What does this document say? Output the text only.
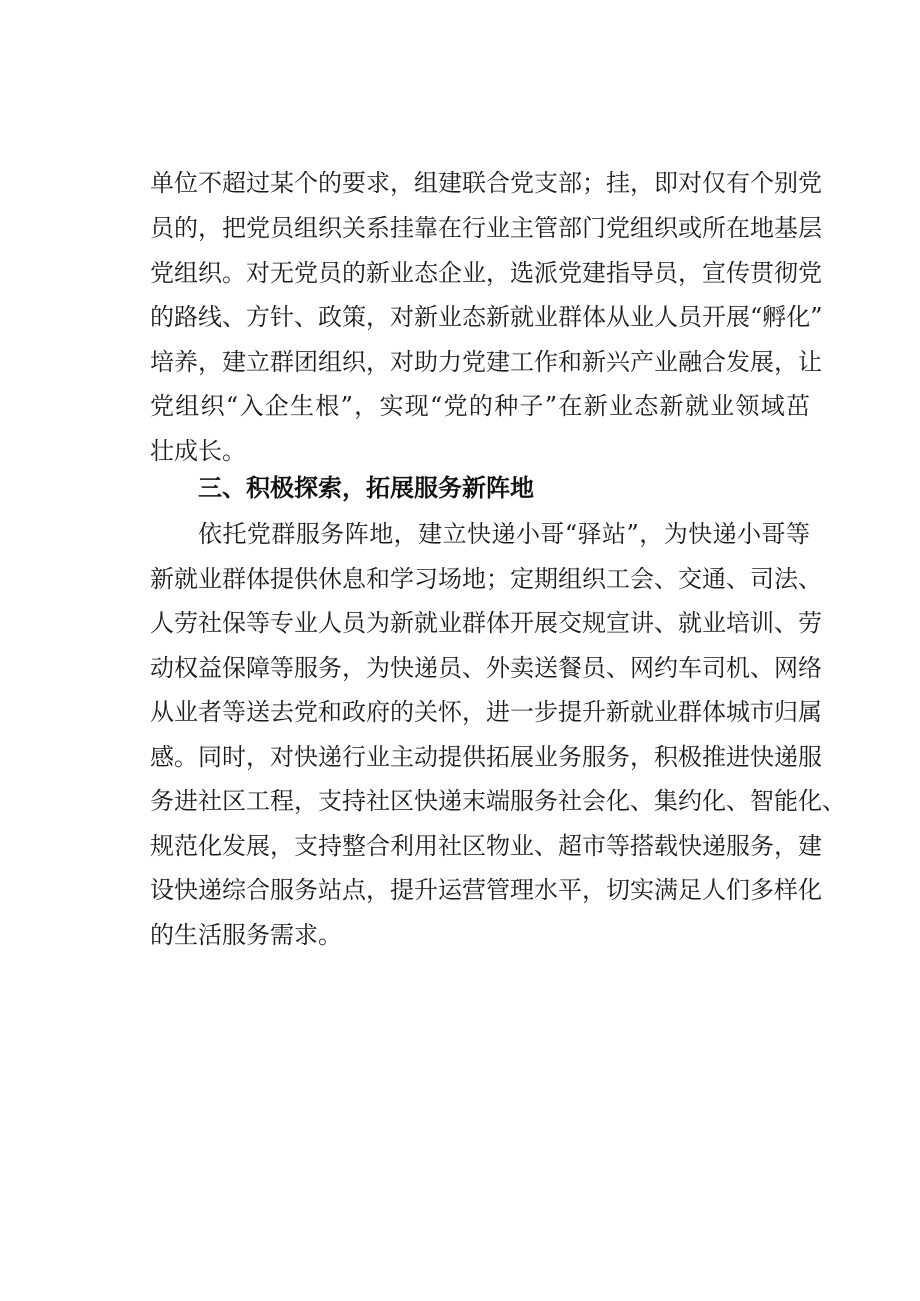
单位不超过某个的要求，组建联合党支部；挂，即对仅有个别党
员的，把党员组织关系挂靠在行业主管部门党组织或所在地基层
党组织。对无党员的新业态企业，选派党建指导员，宣传贯彻党
的路线、方针、政策，对新业态新就业群体从业人员开展“孵化”
培养，建立群团组织，对助力党建工作和新兴产业融合发展，让
党组织“入企生根”，实现“党的种子”在新业态新就业领域茁
壮成长。
三、积极探索，拓展服务新阵地
依托党群服务阵地，建立快递小哥“驿站”，为快递小哥等
新就业群体提供休息和学习场地；定期组织工会、交通、司法、
人劳社保等专业人员为新就业群体开展交规宣讲、就业培训、劳
动权益保障等服务，为快递员、外卖送餐员、网约车司机、网络
从业者等送去党和政府的关怀，进一步提升新就业群体城市归属
感。同时，对快递行业主动提供拓展业务服务，积极推进快递服
务进社区工程，支持社区快递末端服务社会化、集约化、智能化、
规范化发展，支持整合利用社区物业、超市等搭载快递服务，建
设快递综合服务站点，提升运营管理水平，切实满足人们多样化
的生活服务需求。
